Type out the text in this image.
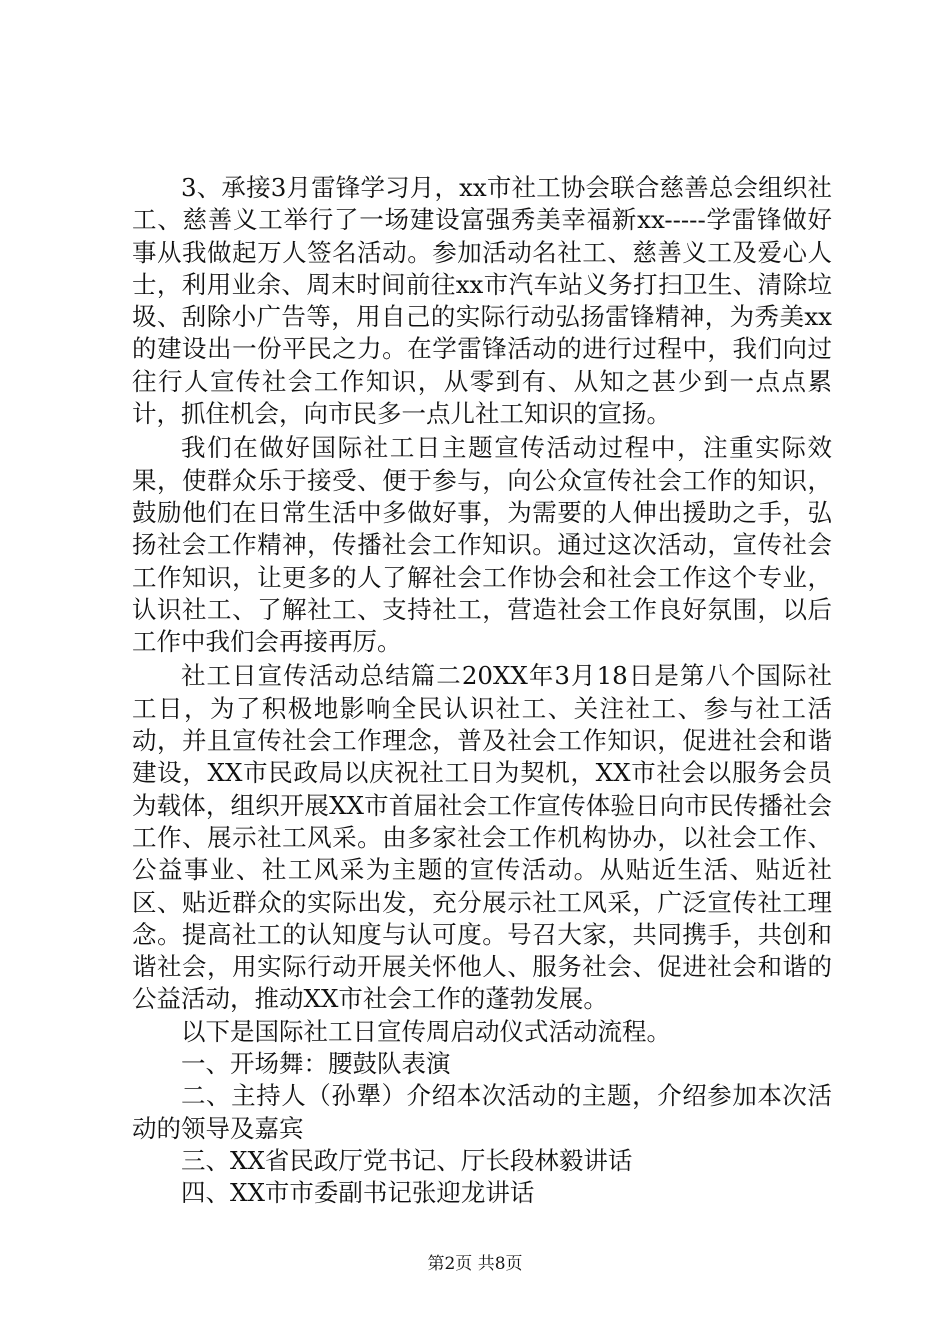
3、承接3月雷锋学习月，xx市社工协会联合慈善总会组织社工、慈善义工举行了一场建设富强秀美幸福新xx-----学雷锋做好事从我做起万人签名活动。参加活动名社工、慈善义工及爱心人士，利用业余、周末时间前往xx市汽车站义务打扫卫生、清除垃圾、刮除小广告等，用自己的实际行动弘扬雷锋精神，为秀美xx的建设出一份平民之力。在学雷锋活动的进行过程中，我们向过往行人宣传社会工作知识，从零到有、从知之甚少到一点点累计，抓住机会，向市民多一点儿社工知识的宣扬。

我们在做好国际社工日主题宣传活动过程中，注重实际效果，使群众乐于接受、便于参与，向公众宣传社会工作的知识，鼓励他们在日常生活中多做好事，为需要的人伸出援助之手，弘扬社会工作精神，传播社会工作知识。通过这次活动，宣传社会工作知识，让更多的人了解社会工作协会和社会工作这个专业，认识社工、了解社工、支持社工，营造社会工作良好氛围，以后工作中我们会再接再厉。

社工日宣传活动总结篇二20XX年3月18日是第八个国际社工日，为了积极地影响全民认识社工、关注社工、参与社工活动，并且宣传社会工作理念，普及社会工作知识，促进社会和谐建设，XX市民政局以庆祝社工日为契机，XX市社会以服务会员为载体，组织开展XX市首届社会工作宣传体验日向市民传播社会工作、展示社工风采。由多家社会工作机构协办，以社会工作、公益事业、社工风采为主题的宣传活动。从贴近生活、贴近社区、贴近群众的实际出发，充分展示社工风采，广泛宣传社工理念。提高社工的认知度与认可度。号召大家，共同携手，共创和谐社会，用实际行动开展关怀他人、服务社会、促进社会和谐的公益活动，推动XX市社会工作的蓬勃发展。

以下是国际社工日宣传周启动仪式活动流程。

一、开场舞：腰鼓队表演

二、主持人（孙犟）介绍本次活动的主题，介绍参加本次活动的领导及嘉宾

三、XX省民政厅党书记、厅长段林毅讲话

四、XX市市委副书记张迎龙讲话

第2页 共8页
